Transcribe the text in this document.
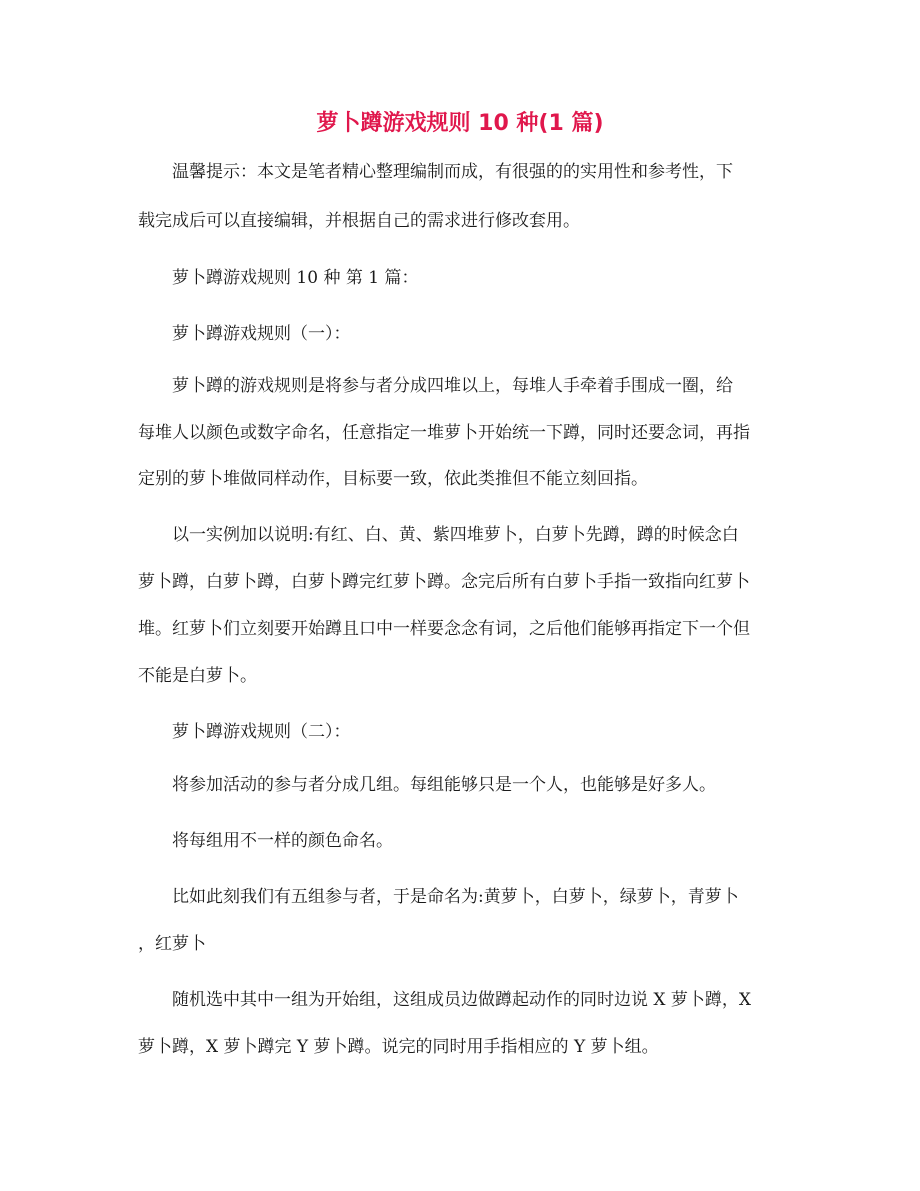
萝卜蹲游戏规则 10 种(1 篇)
温馨提示：本文是笔者精心整理编制而成，有很强的的实用性和参考性，下
载完成后可以直接编辑，并根据自己的需求进行修改套用。
萝卜蹲游戏规则 10 种 第 1 篇：
萝卜蹲游戏规则（一）：
萝卜蹲的游戏规则是将参与者分成四堆以上，每堆人手牵着手围成一圈，给
每堆人以颜色或数字命名，任意指定一堆萝卜开始统一下蹲，同时还要念词，再指
定别的萝卜堆做同样动作，目标要一致，依此类推但不能立刻回指。
以一实例加以说明:有红、白、黄、紫四堆萝卜，白萝卜先蹲，蹲的时候念白
萝卜蹲，白萝卜蹲，白萝卜蹲完红萝卜蹲。念完后所有白萝卜手指一致指向红萝卜
堆。红萝卜们立刻要开始蹲且口中一样要念念有词，之后他们能够再指定下一个但
不能是白萝卜。
萝卜蹲游戏规则（二）：
将参加活动的参与者分成几组。每组能够只是一个人，也能够是好多人。
将每组用不一样的颜色命名。
比如此刻我们有五组参与者，于是命名为:黄萝卜，白萝卜，绿萝卜，青萝卜
，红萝卜
随机选中其中一组为开始组，这组成员边做蹲起动作的同时边说 X 萝卜蹲，X
萝卜蹲，X 萝卜蹲完 Y 萝卜蹲。说完的同时用手指相应的 Y 萝卜组。
